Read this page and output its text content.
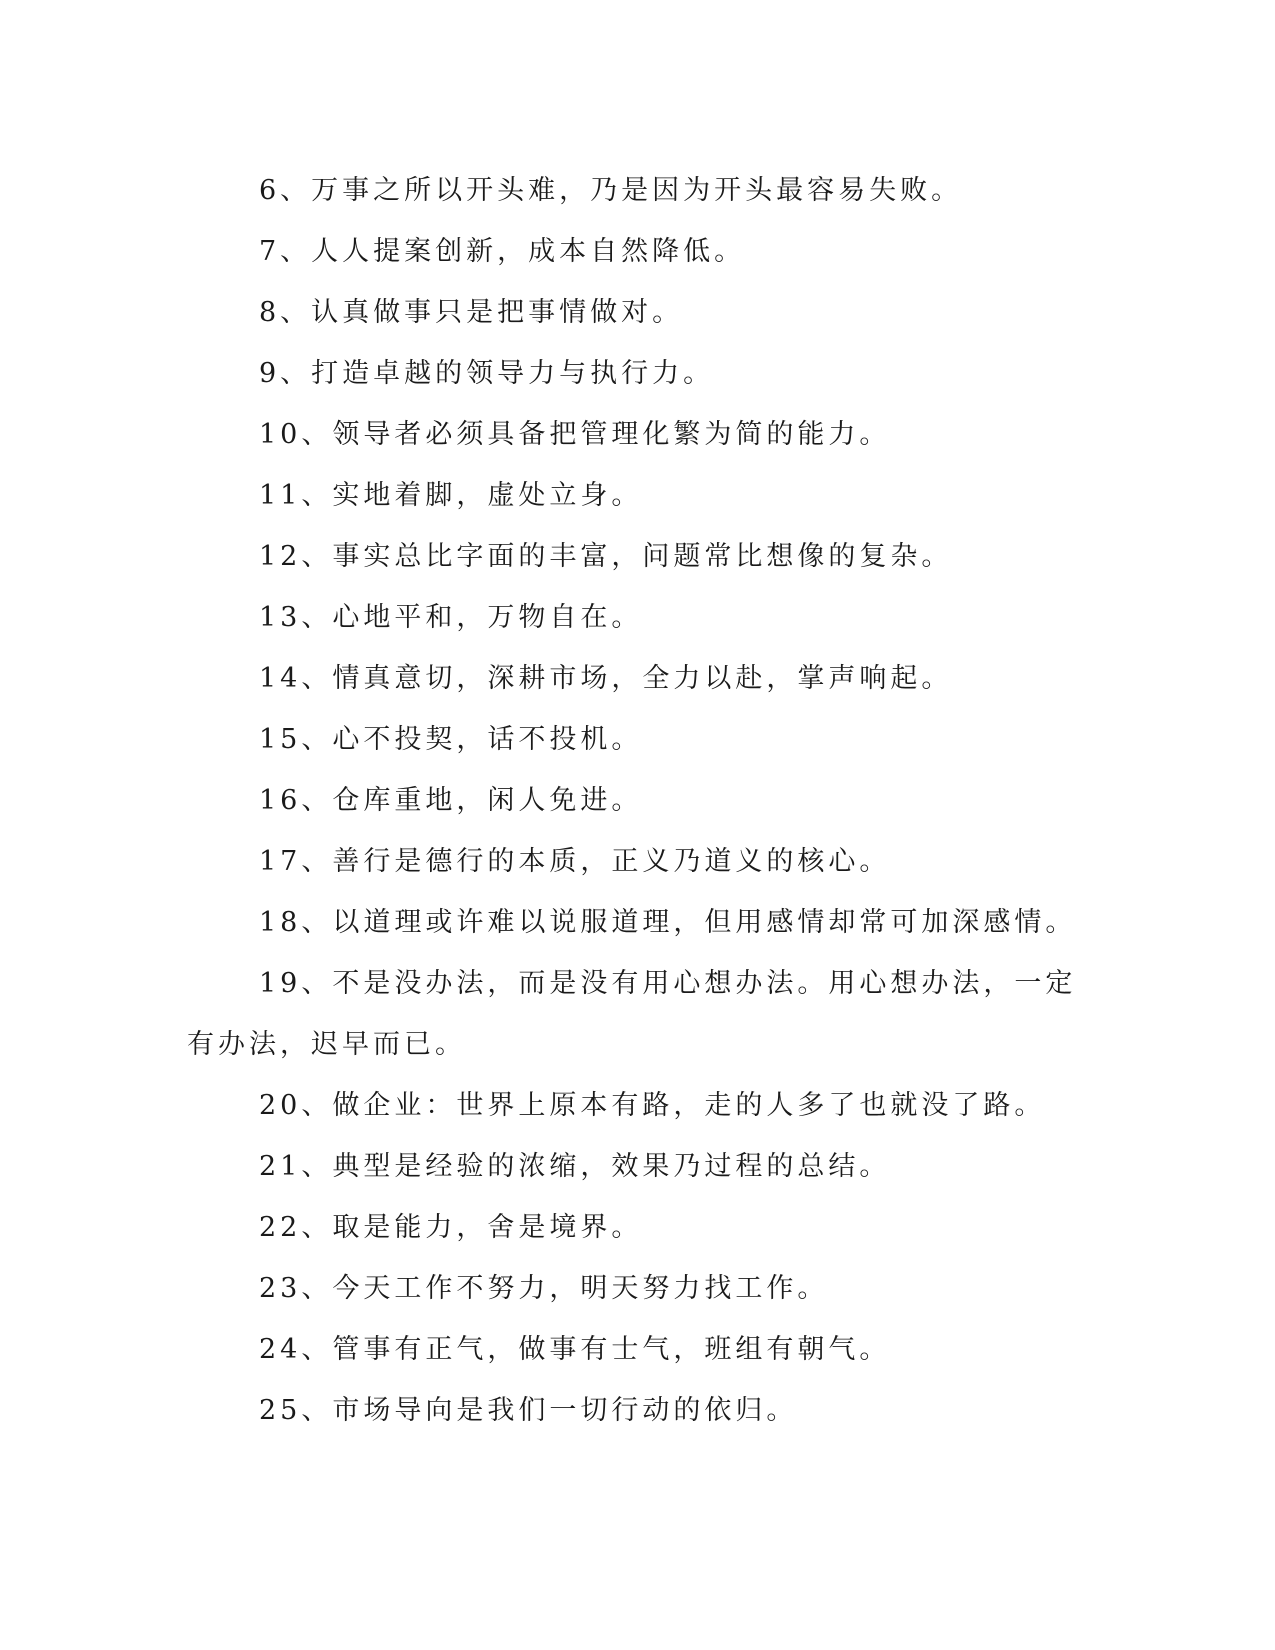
6、万事之所以开头难，乃是因为开头最容易失败。

7、人人提案创新，成本自然降低。

8、认真做事只是把事情做对。

9、打造卓越的领导力与执行力。

10、领导者必须具备把管理化繁为简的能力。

11、实地着脚，虚处立身。

12、事实总比字面的丰富，问题常比想像的复杂。

13、心地平和，万物自在。

14、情真意切，深耕市场，全力以赴，掌声响起。

15、心不投契，话不投机。

16、仓库重地，闲人免进。

17、善行是德行的本质，正义乃道义的核心。

18、以道理或许难以说服道理，但用感情却常可加深感情。

19、不是没办法，而是没有用心想办法。用心想办法，一定有办法，迟早而已。

20、做企业：世界上原本有路，走的人多了也就没了路。

21、典型是经验的浓缩，效果乃过程的总结。

22、取是能力，舍是境界。

23、今天工作不努力，明天努力找工作。

24、管事有正气，做事有士气，班组有朝气。

25、市场导向是我们一切行动的依归。
